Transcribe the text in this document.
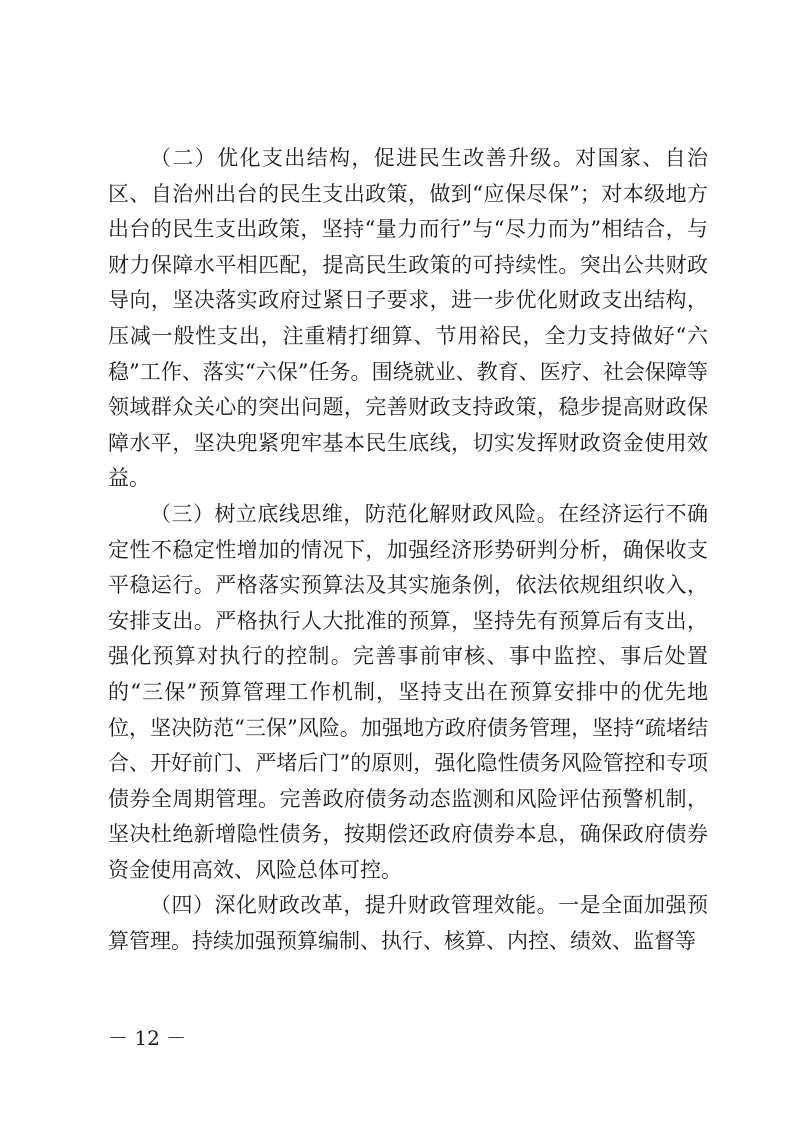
（二）优化支出结构，促进民生改善升级。对国家、自治区、自治州出台的民生支出政策，做到“应保尽保”；对本级地方出台的民生支出政策，坚持“量力而行”与“尽力而为”相结合，与财力保障水平相匹配，提高民生政策的可持续性。突出公共财政导向，坚决落实政府过紧日子要求，进一步优化财政支出结构，压减一般性支出，注重精打细算、节用裕民，全力支持做好“六稳”工作、落实“六保”任务。围绕就业、教育、医疗、社会保障等领域群众关心的突出问题，完善财政支持政策，稳步提高财政保障水平，坚决兜紧兜牢基本民生底线，切实发挥财政资金使用效益。

（三）树立底线思维，防范化解财政风险。在经济运行不确定性不稳定性增加的情况下，加强经济形势研判分析，确保收支平稳运行。严格落实预算法及其实施条例，依法依规组织收入，安排支出。严格执行人大批准的预算，坚持先有预算后有支出，强化预算对执行的控制。完善事前审核、事中监控、事后处置的“三保”预算管理工作机制，坚持支出在预算安排中的优先地位，坚决防范“三保”风险。加强地方政府债务管理，坚持“疏堵结合、开好前门、严堵后门”的原则，强化隐性债务风险管控和专项债券全周期管理。完善政府债务动态监测和风险评估预警机制，坚决杜绝新增隐性债务，按期偿还政府债券本息，确保政府债券资金使用高效、风险总体可控。

（四）深化财政改革，提升财政管理效能。一是全面加强预算管理。持续加强预算编制、执行、核算、内控、绩效、监督等

－ 12 －
